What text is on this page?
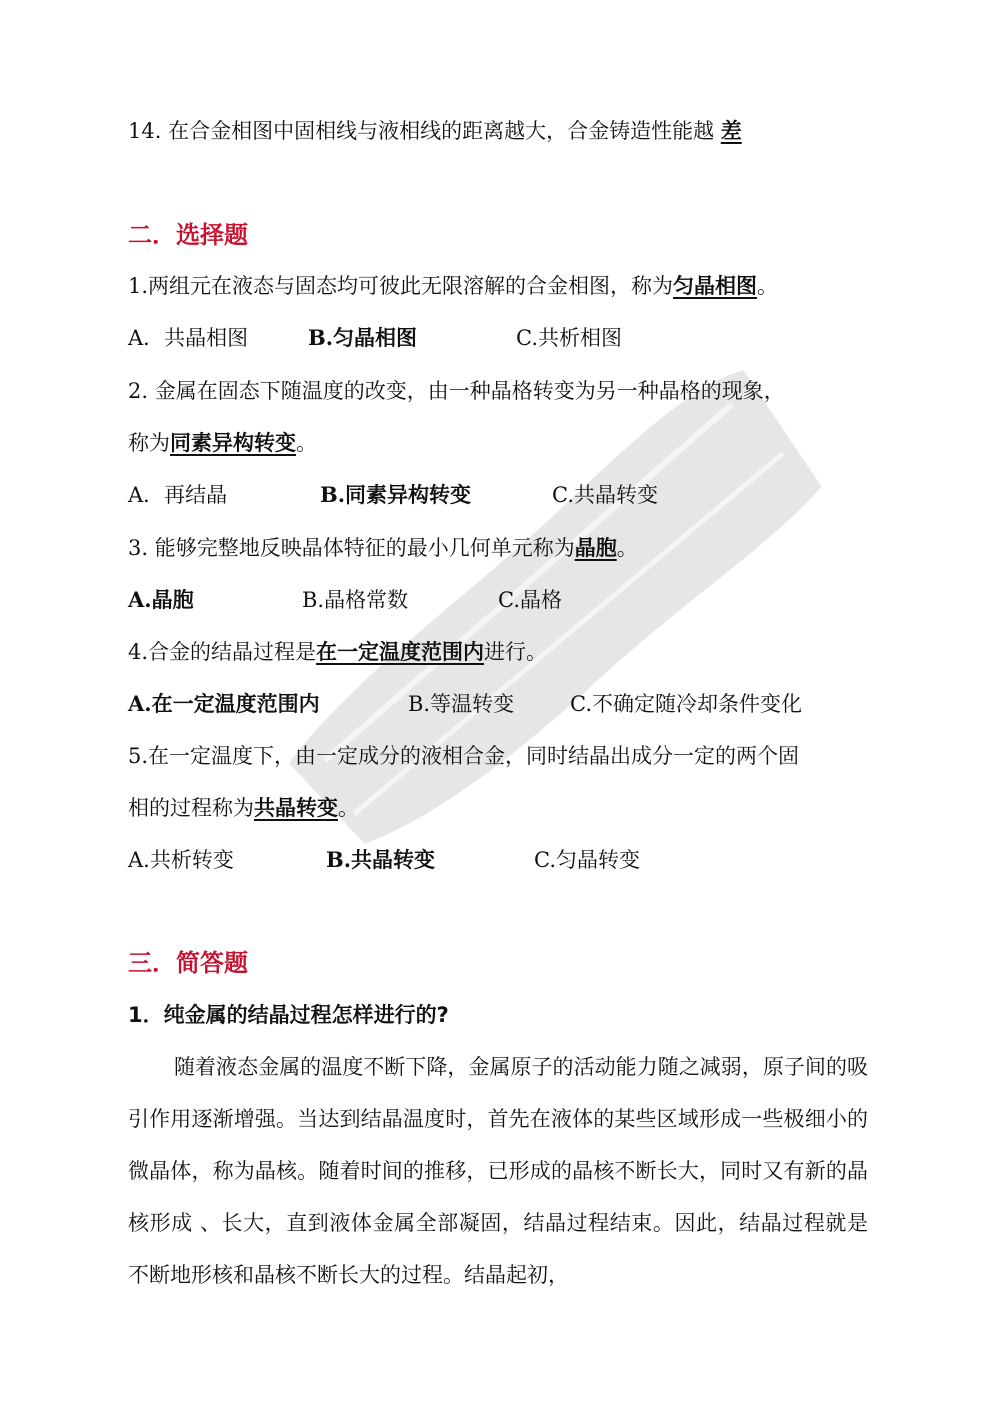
14. 在合金相图中固相线与液相线的距离越大，合金铸造性能越 差
二．选择题
1.两组元在液态与固态均可彼此无限溶解的合金相图，称为匀晶相图。
A．共晶相图	B.匀晶相图	C.共析相图
2. 金属在固态下随温度的改变，由一种晶格转变为另一种晶格的现象，
称为同素异构转变。
A．再结晶	B.同素异构转变	C.共晶转变
3. 能够完整地反映晶体特征的最小几何单元称为晶胞。
A.晶胞	B.晶格常数	C.晶格
4.合金的结晶过程是在一定温度范围内进行。
A.在一定温度范围内	B.等温转变	C.不确定随冷却条件变化
5.在一定温度下，由一定成分的液相合金，同时结晶出成分一定的两个固
相的过程称为共晶转变。
A.共析转变	B.共晶转变	C.匀晶转变
三．简答题
1．纯金属的结晶过程怎样进行的?
随着液态金属的温度不断下降，金属原子的活动能力随之减弱，原子间的吸引作用逐渐增强。当达到结晶温度时，首先在液体的某些区域形成一些极细小的微晶体，称为晶核。随着时间的推移，已形成的晶核不断长大，同时又有新的晶核形成 、长大，直到液体金属全部凝固，结晶过程结束。因此，结晶过程就是不断地形核和晶核不断长大的过程。结晶起初，
